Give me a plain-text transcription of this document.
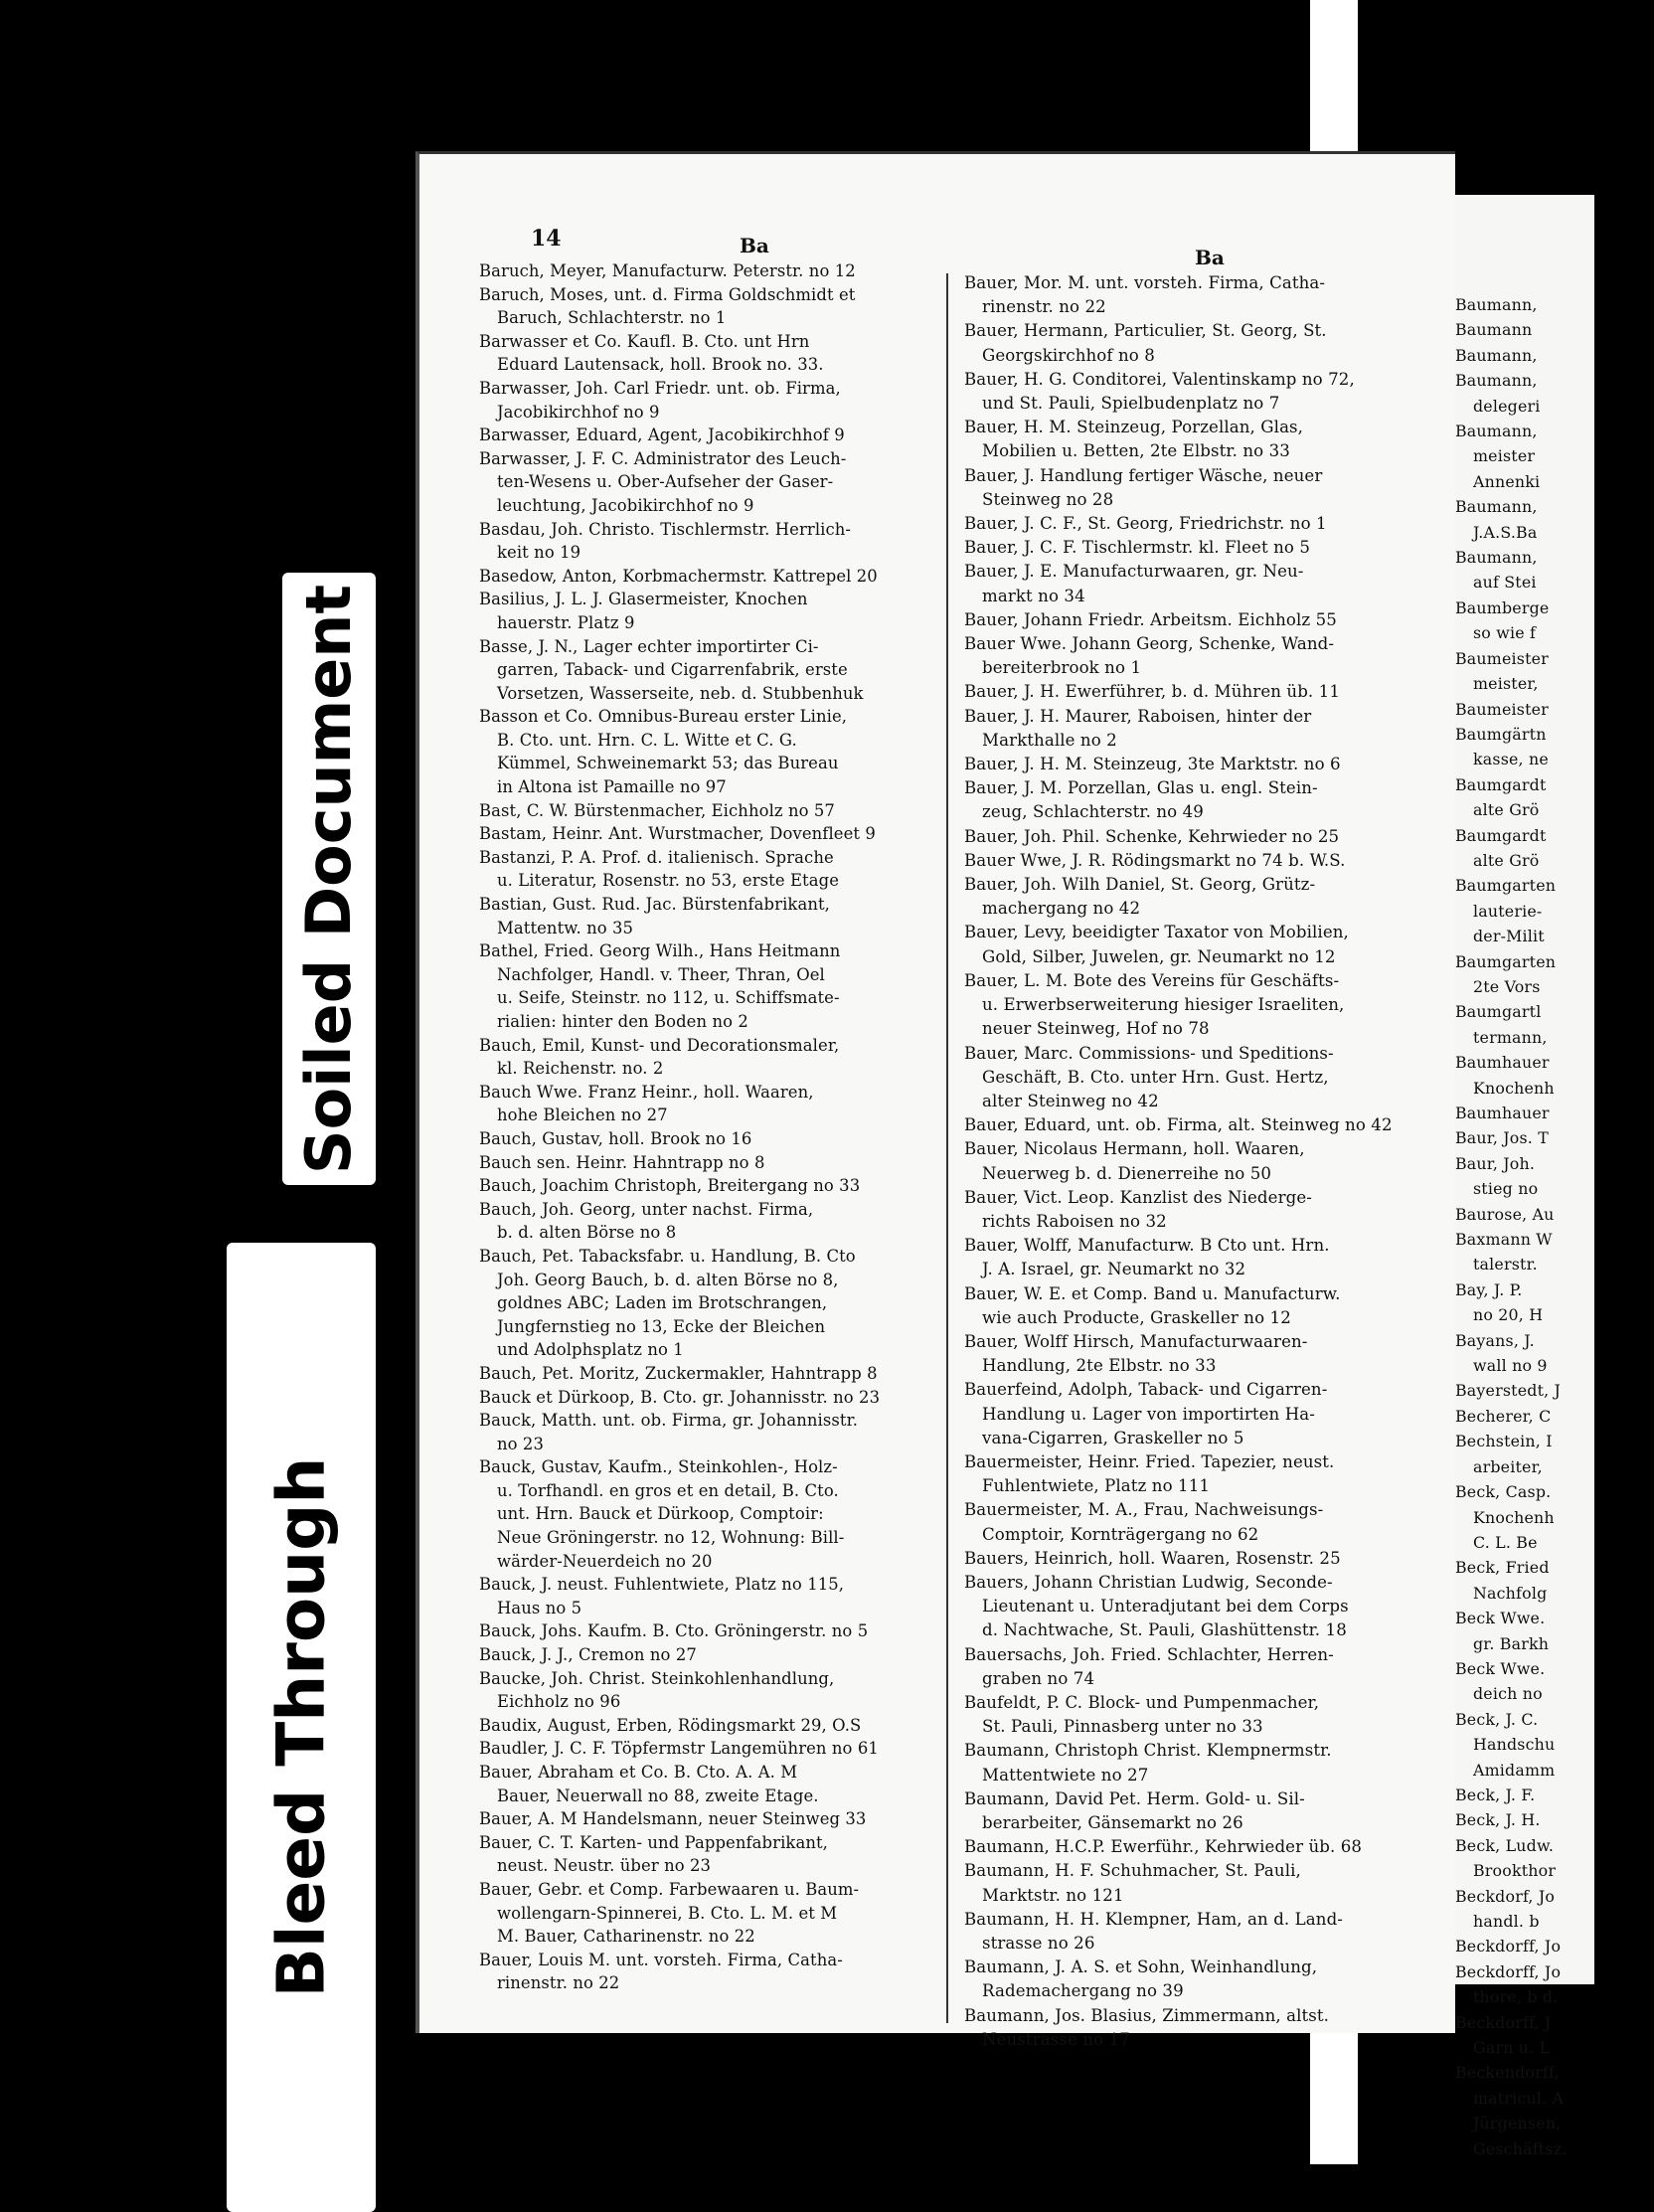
Soiled Document
Bleed Through
Baumann,
Baumann
Baumann,
Baumann,
delegeri
Baumann,
meister
Annenki
Baumann,
J.A.S.Ba
Baumann,
auf Stei
Baumberge
so wie f
Baumeister
meister,
Baumeister
Baumgärtn
kasse, ne
Baumgardt
alte Grö
Baumgardt
alte Grö
Baumgarten
lauterie-
der-Milit
Baumgarten
2te Vors
Baumgartl
termann,
Baumhauer
Knochenh
Baumhauer
Baur, Jos. T
Baur, Joh.
stieg no
Baurose, Au
Baxmann W
talerstr.
Bay, J. P.
no 20, H
Bayans, J.
wall no 9
Bayerstedt, J
Becherer, C
Bechstein, I
arbeiter,
Beck, Casp.
Knochenh
C. L. Be
Beck, Fried
Nachfolg
Beck Wwe.
gr. Barkh
Beck Wwe.
deich no
Beck, J. C.
Handschu
Amidamm
Beck, J. F.
Beck, J. H.
Beck, Ludw.
Brookthor
Beckdorf, Jo
handl. b
Beckdorff, Jo
Beckdorff, Jo
thore, b d.
Beckdorff, J
Garn u. L
Beckendorff,
matricul. A
Jürgensen,
Geschäftsz.
14	Ba	Ba
Baruch, Meyer, Manufacturw. Peterstr. no 12
Baruch, Moses, unt. d. Firma Goldschmidt et
Baruch, Schlachterstr. no 1
Barwasser et Co. Kaufl. B. Cto. unt Hrn
Eduard Lautensack, holl. Brook no. 33.
Barwasser, Joh. Carl Friedr. unt. ob. Firma,
Jacobikirchhof no 9
Barwasser, Eduard, Agent, Jacobikirchhof 9
Barwasser, J. F. C. Administrator des Leuch-
ten-Wesens u. Ober-Aufseher der Gaser-
leuchtung, Jacobikirchhof no 9
Basdau, Joh. Christo. Tischlermstr. Herrlich-
keit no 19
Basedow, Anton, Korbmachermstr. Kattrepel 20
Basilius, J. L. J. Glasermeister, Knochen
hauerstr. Platz 9
Basse, J. N., Lager echter importirter Ci-
garren, Taback- und Cigarrenfabrik, erste
Vorsetzen, Wasserseite, neb. d. Stubbenhuk
Basson et Co. Omnibus-Bureau erster Linie,
B. Cto. unt. Hrn. C. L. Witte et C. G.
Kümmel, Schweinemarkt 53; das Bureau
in Altona ist Pamaille no 97
Bast, C. W. Bürstenmacher, Eichholz no 57
Bastam, Heinr. Ant. Wurstmacher, Dovenfleet 9
Bastanzi, P. A. Prof. d. italienisch. Sprache
u. Literatur, Rosenstr. no 53, erste Etage
Bastian, Gust. Rud. Jac. Bürstenfabrikant,
Mattentw. no 35
Bathel, Fried. Georg Wilh., Hans Heitmann
Nachfolger, Handl. v. Theer, Thran, Oel
u. Seife, Steinstr. no 112, u. Schiffsmate-
rialien: hinter den Boden no 2
Bauch, Emil, Kunst- und Decorationsmaler,
kl. Reichenstr. no. 2
Bauch Wwe. Franz Heinr., holl. Waaren,
hohe Bleichen no 27
Bauch, Gustav, holl. Brook no 16
Bauch sen. Heinr. Hahntrapp no 8
Bauch, Joachim Christoph, Breitergang no 33
Bauch, Joh. Georg, unter nachst. Firma,
b. d. alten Börse no 8
Bauch, Pet. Tabacksfabr. u. Handlung, B. Cto
Joh. Georg Bauch, b. d. alten Börse no 8,
goldnes ABC; Laden im Brotschrangen,
Jungfernstieg no 13, Ecke der Bleichen
und Adolphsplatz no 1
Bauch, Pet. Moritz, Zuckermakler, Hahntrapp 8
Bauck et Dürkoop, B. Cto. gr. Johannisstr. no 23
Bauck, Matth. unt. ob. Firma, gr. Johannisstr.
no 23
Bauck, Gustav, Kaufm., Steinkohlen-, Holz-
u. Torfhandl. en gros et en detail, B. Cto.
unt. Hrn. Bauck et Dürkoop, Comptoir:
Neue Gröningerstr. no 12, Wohnung: Bill-
wärder-Neuerdeich no 20
Bauck, J. neust. Fuhlentwiete, Platz no 115,
Haus no 5
Bauck, Johs. Kaufm. B. Cto. Gröningerstr. no 5
Bauck, J. J., Cremon no 27
Baucke, Joh. Christ. Steinkohlenhandlung,
Eichholz no 96
Baudix, August, Erben, Rödingsmarkt 29, O.S
Baudler, J. C. F. Töpfermstr Langemühren no 61
Bauer, Abraham et Co. B. Cto. A. A. M
Bauer, Neuerwall no 88, zweite Etage.
Bauer, A. M Handelsmann, neuer Steinweg 33
Bauer, C. T. Karten- und Pappenfabrikant,
neust. Neustr. über no 23
Bauer, Gebr. et Comp. Farbewaaren u. Baum-
wollengarn-Spinnerei, B. Cto. L. M. et M
M. Bauer, Catharinenstr. no 22
Bauer, Louis M. unt. vorsteh. Firma, Catha-
rinenstr. no 22
Bauer, Mor. M. unt. vorsteh. Firma, Catha-
rinenstr. no 22
Bauer, Hermann, Particulier, St. Georg, St.
Georgskirchhof no 8
Bauer, H. G. Conditorei, Valentinskamp no 72,
und St. Pauli, Spielbudenplatz no 7
Bauer, H. M. Steinzeug, Porzellan, Glas,
Mobilien u. Betten, 2te Elbstr. no 33
Bauer, J. Handlung fertiger Wäsche, neuer
Steinweg no 28
Bauer, J. C. F., St. Georg, Friedrichstr. no 1
Bauer, J. C. F. Tischlermstr. kl. Fleet no 5
Bauer, J. E. Manufacturwaaren, gr. Neu-
markt no 34
Bauer, Johann Friedr. Arbeitsm. Eichholz 55
Bauer Wwe. Johann Georg, Schenke, Wand-
bereiterbrook no 1
Bauer, J. H. Ewerführer, b. d. Mühren üb. 11
Bauer, J. H. Maurer, Raboisen, hinter der
Markthalle no 2
Bauer, J. H. M. Steinzeug, 3te Marktstr. no 6
Bauer, J. M. Porzellan, Glas u. engl. Stein-
zeug, Schlachterstr. no 49
Bauer, Joh. Phil. Schenke, Kehrwieder no 25
Bauer Wwe, J. R. Rödingsmarkt no 74 b. W.S.
Bauer, Joh. Wilh Daniel, St. Georg, Grütz-
machergang no 42
Bauer, Levy, beeidigter Taxator von Mobilien,
Gold, Silber, Juwelen, gr. Neumarkt no 12
Bauer, L. M. Bote des Vereins für Geschäfts-
u. Erwerbserweiterung hiesiger Israeliten,
neuer Steinweg, Hof no 78
Bauer, Marc. Commissions- und Speditions-
Geschäft, B. Cto. unter Hrn. Gust. Hertz,
alter Steinweg no 42
Bauer, Eduard, unt. ob. Firma, alt. Steinweg no 42
Bauer, Nicolaus Hermann, holl. Waaren,
Neuerweg b. d. Dienerreihe no 50
Bauer, Vict. Leop. Kanzlist des Niederge-
richts Raboisen no 32
Bauer, Wolff, Manufacturw. B Cto unt. Hrn.
J. A. Israel, gr. Neumarkt no 32
Bauer, W. E. et Comp. Band u. Manufacturw.
wie auch Producte, Graskeller no 12
Bauer, Wolff Hirsch, Manufacturwaaren-
Handlung, 2te Elbstr. no 33
Bauerfeind, Adolph, Taback- und Cigarren-
Handlung u. Lager von importirten Ha-
vana-Cigarren, Graskeller no 5
Bauermeister, Heinr. Fried. Tapezier, neust.
Fuhlentwiete, Platz no 111
Bauermeister, M. A., Frau, Nachweisungs-
Comptoir, Kornträgergang no 62
Bauers, Heinrich, holl. Waaren, Rosenstr. 25
Bauers, Johann Christian Ludwig, Seconde-
Lieutenant u. Unteradjutant bei dem Corps
d. Nachtwache, St. Pauli, Glashüttenstr. 18
Bauersachs, Joh. Fried. Schlachter, Herren-
graben no 74
Baufeldt, P. C. Block- und Pumpenmacher,
St. Pauli, Pinnasberg unter no 33
Baumann, Christoph Christ. Klempnermstr.
Mattentwiete no 27
Baumann, David Pet. Herm. Gold- u. Sil-
berarbeiter, Gänsemarkt no 26
Baumann, H.C.P. Ewerführ., Kehrwieder üb. 68
Baumann, H. F. Schuhmacher, St. Pauli,
Marktstr. no 121
Baumann, H. H. Klempner, Ham, an d. Land-
strasse no 26
Baumann, J. A. S. et Sohn, Weinhandlung,
Rademachergang no 39
Baumann, Jos. Blasius, Zimmermann, altst.
Neustrasse no 17
